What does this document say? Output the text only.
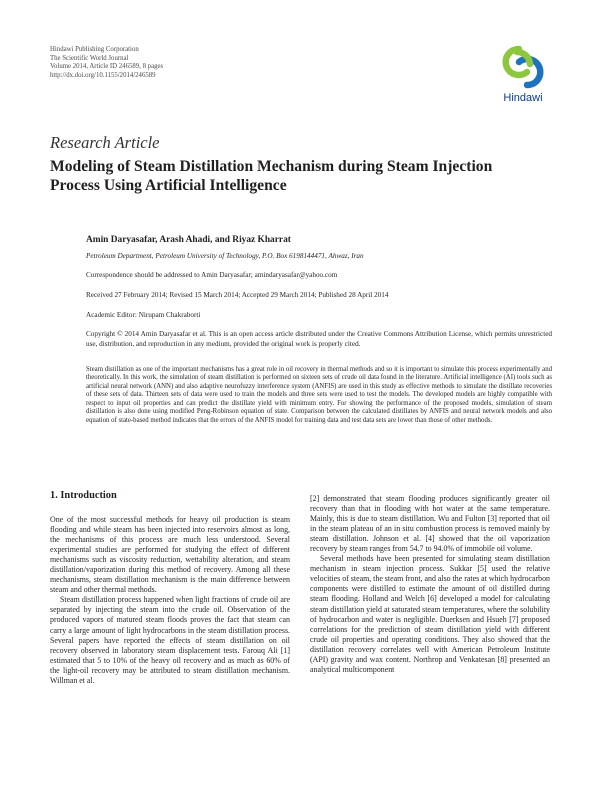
Hindawi Publishing Corporation
The Scientific World Journal
Volume 2014, Article ID 246589, 8 pages
http://dx.doi.org/10.1155/2014/246589
Hindawi
Research Article
Modeling of Steam Distillation Mechanism during Steam Injection Process Using Artificial Intelligence
Amin Daryasafar, Arash Ahadi, and Riyaz Kharrat
Petroleum Department, Petroleum University of Technology, P.O. Box 6198144471, Ahwaz, Iran
Correspondence should be addressed to Amin Daryasafar; amindaryasafar@yahoo.com
Received 27 February 2014; Revised 15 March 2014; Accepted 29 March 2014; Published 28 April 2014
Academic Editor: Nirupam Chakraborti
Copyright © 2014 Amin Daryasafar et al. This is an open access article distributed under the Creative Commons Attribution License, which permits unrestricted use, distribution, and reproduction in any medium, provided the original work is properly cited.
Steam distillation as one of the important mechanisms has a great role in oil recovery in thermal methods and so it is important to simulate this process experimentally and theoretically. In this work, the simulation of steam distillation is performed on sixteen sets of crude oil data found in the literature. Artificial intelligence (AI) tools such as artificial neural network (ANN) and also adaptive neurofuzzy interference system (ANFIS) are used in this study as effective methods to simulate the distillate recoveries of these sets of data. Thirteen sets of data were used to train the models and three sets were used to test the models. The developed models are highly compatible with respect to input oil properties and can predict the distillate yield with minimum entry. For showing the performance of the proposed models, simulation of steam distillation is also done using modified Peng-Robinson equation of state. Comparison between the calculated distillates by ANFIS and neural network models and also equation of state-based method indicates that the errors of the ANFIS model for training data and test data sets are lower than those of other methods.
1. Introduction

One of the most successful methods for heavy oil production is steam flooding and while steam has been injected into reservoirs almost as long, the mechanisms of this process are much less understood. Several experimental studies are performed for studying the effect of different mechanisms such as viscosity reduction, wettability alteration, and steam distillation/vaporization during this method of recovery. Among all these mechanisms, steam distillation mechanism is the main difference between steam and other thermal methods.

Steam distillation process happened when light fractions of crude oil are separated by injecting the steam into the crude oil. Observation of the produced vapors of matured steam floods proves the fact that steam can carry a large amount of light hydrocarbons in the steam distillation process. Several papers have reported the effects of steam distillation on oil recovery observed in laboratory steam displacement tests. Farouq Ali [1] estimated that 5 to 10% of the heavy oil recovery and as much as 60% of the light-oil recovery may be attributed to steam distillation mechanism. Willman et al.

[2] demonstrated that steam flooding produces significantly greater oil recovery than that in flooding with hot water at the same temperature. Mainly, this is due to steam distillation. Wu and Fulton [3] reported that oil in the steam plateau of an in situ combustion process is removed mainly by steam distillation. Johnson et al. [4] showed that the oil vaporization recovery by steam ranges from 54.7 to 94.0% of immobile oil volume.

Several methods have been presented for simulating steam distillation mechanism in steam injection process. Sukkar [5] used the relative velocities of steam, the steam front, and also the rates at which hydrocarbon components were distilled to estimate the amount of oil distilled during steam flooding. Holland and Welch [6] developed a model for calculating steam distillation yield at saturated steam temperatures, where the solubility of hydrocarbon and water is negligible. Duerksen and Hsueh [7] proposed correlations for the prediction of steam distillation yield with different crude oil properties and operating conditions. They also showed that the distillation recovery correlates well with American Petroleum Institute (API) gravity and wax content. Northrop and Venkatesan [8] presented an analytical multicomponent
